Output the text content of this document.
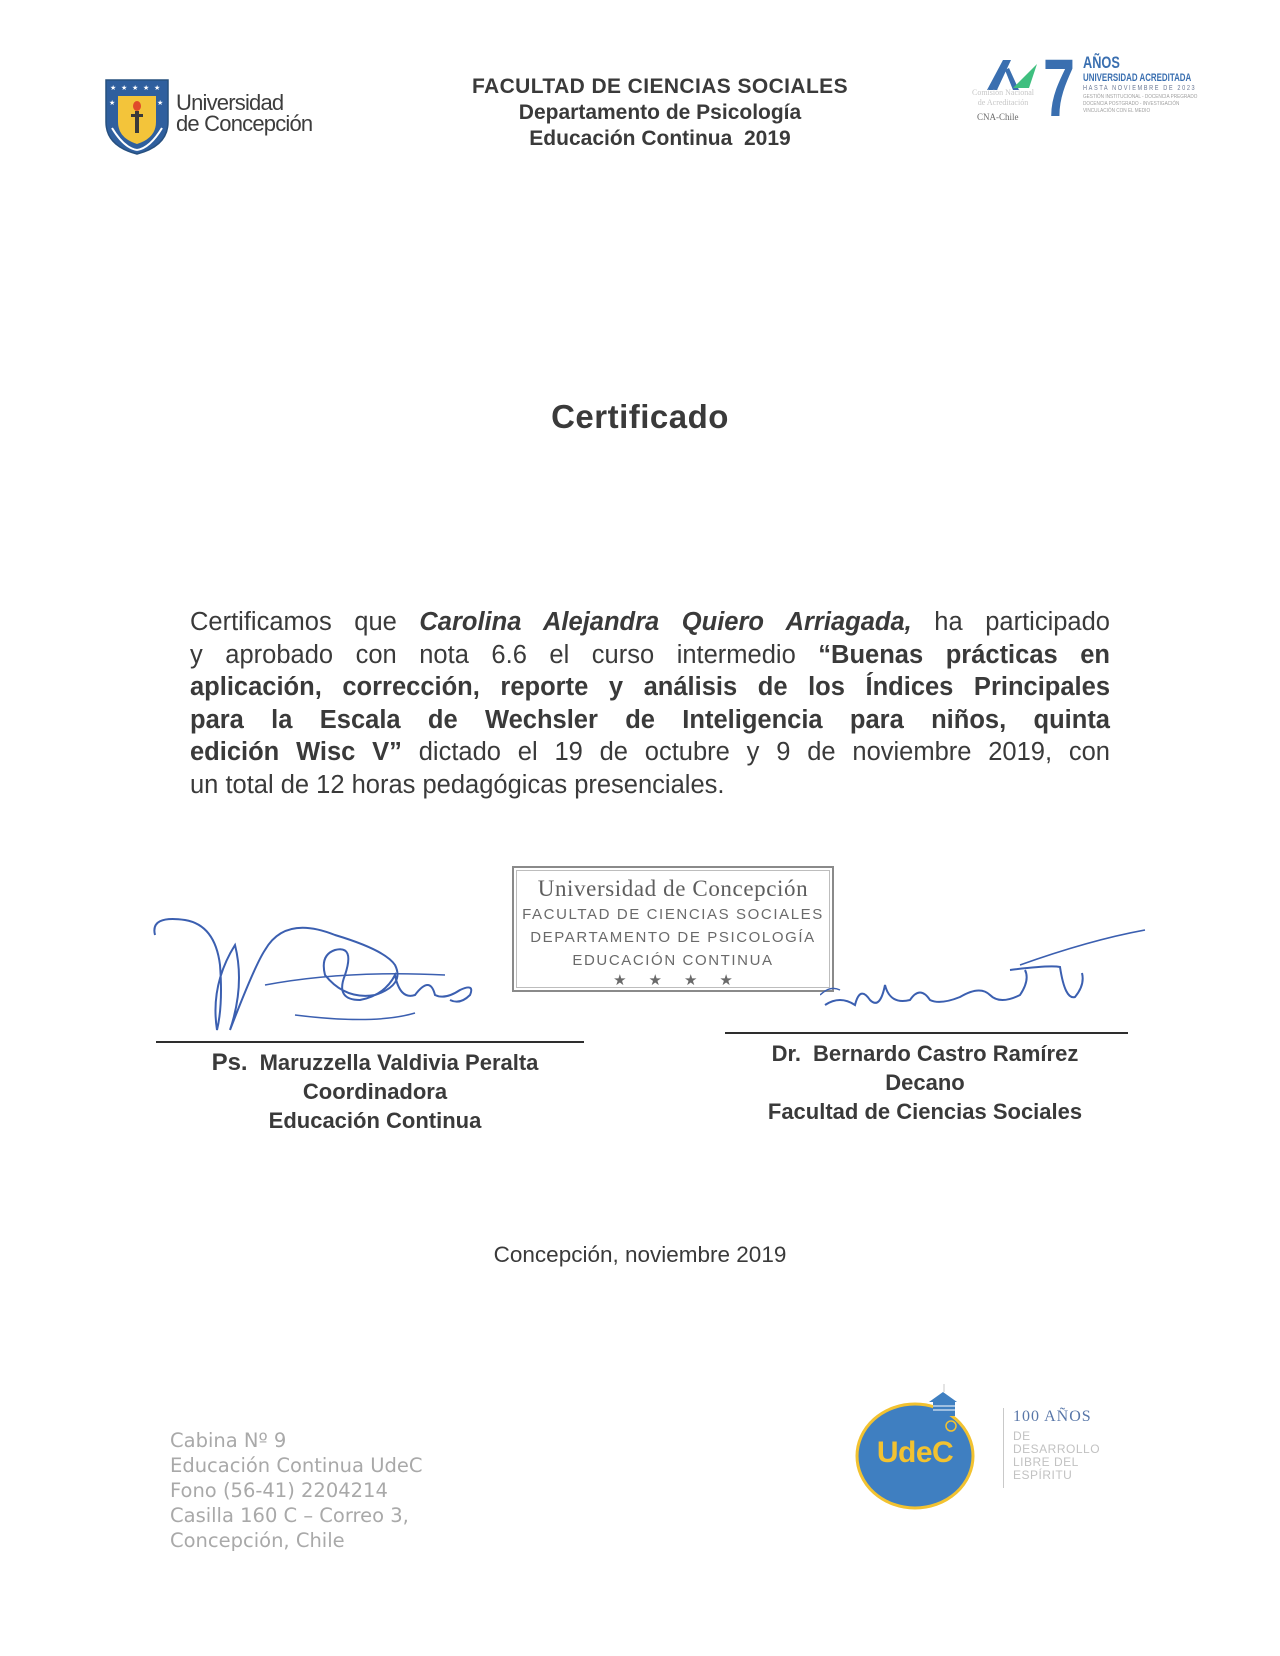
★ ★ ★ ★ ★
★	★ Universidad
de Concepción
FACULTAD DE CIENCIAS SOCIALES
Departamento de Psicología
Educación Continua  2019
Comisión Nacional
de Acreditación
CNA-Chile 7 AÑOS
UNIVERSIDAD ACREDITADA
HASTA NOVIEMBRE DE 2023
GESTIÓN INSTITUCIONAL - DOCENCIA PREGRADO
DOCENCIA POSTGRADO - INVESTIGACIÓN
VINCULACIÓN CON EL MEDIO
Certificado
Certificamos que Carolina Alejandra Quiero Arriagada, ha participado
y aprobado con nota 6.6 el curso intermedio “Buenas prácticas en
aplicación, corrección, reporte y análisis de los Índices Principales
para la Escala de Wechsler de Inteligencia para niños, quinta
edición Wisc V” dictado el 19 de octubre y 9 de noviembre 2019, con
un total de 12 horas pedagógicas presenciales.
Universidad de Concepción
FACULTAD DE CIENCIAS SOCIALES
DEPARTAMENTO DE PSICOLOGÍA
EDUCACIÓN CONTINUA
★★★★
Ps. Maruzzella Valdivia Peralta
Coordinadora
Educación Continua
Dr. Bernardo Castro Ramírez
Decano
Facultad de Ciencias Sociales
Concepción, noviembre 2019
Cabina Nº 9
Educación Continua UdeC
Fono (56-41) 2204214
Casilla 160 C – Correo 3,
Concepción, Chile
UdeC
100 AÑOS
DE
DESARROLLO
LIBRE DEL
ESPÍRITU
